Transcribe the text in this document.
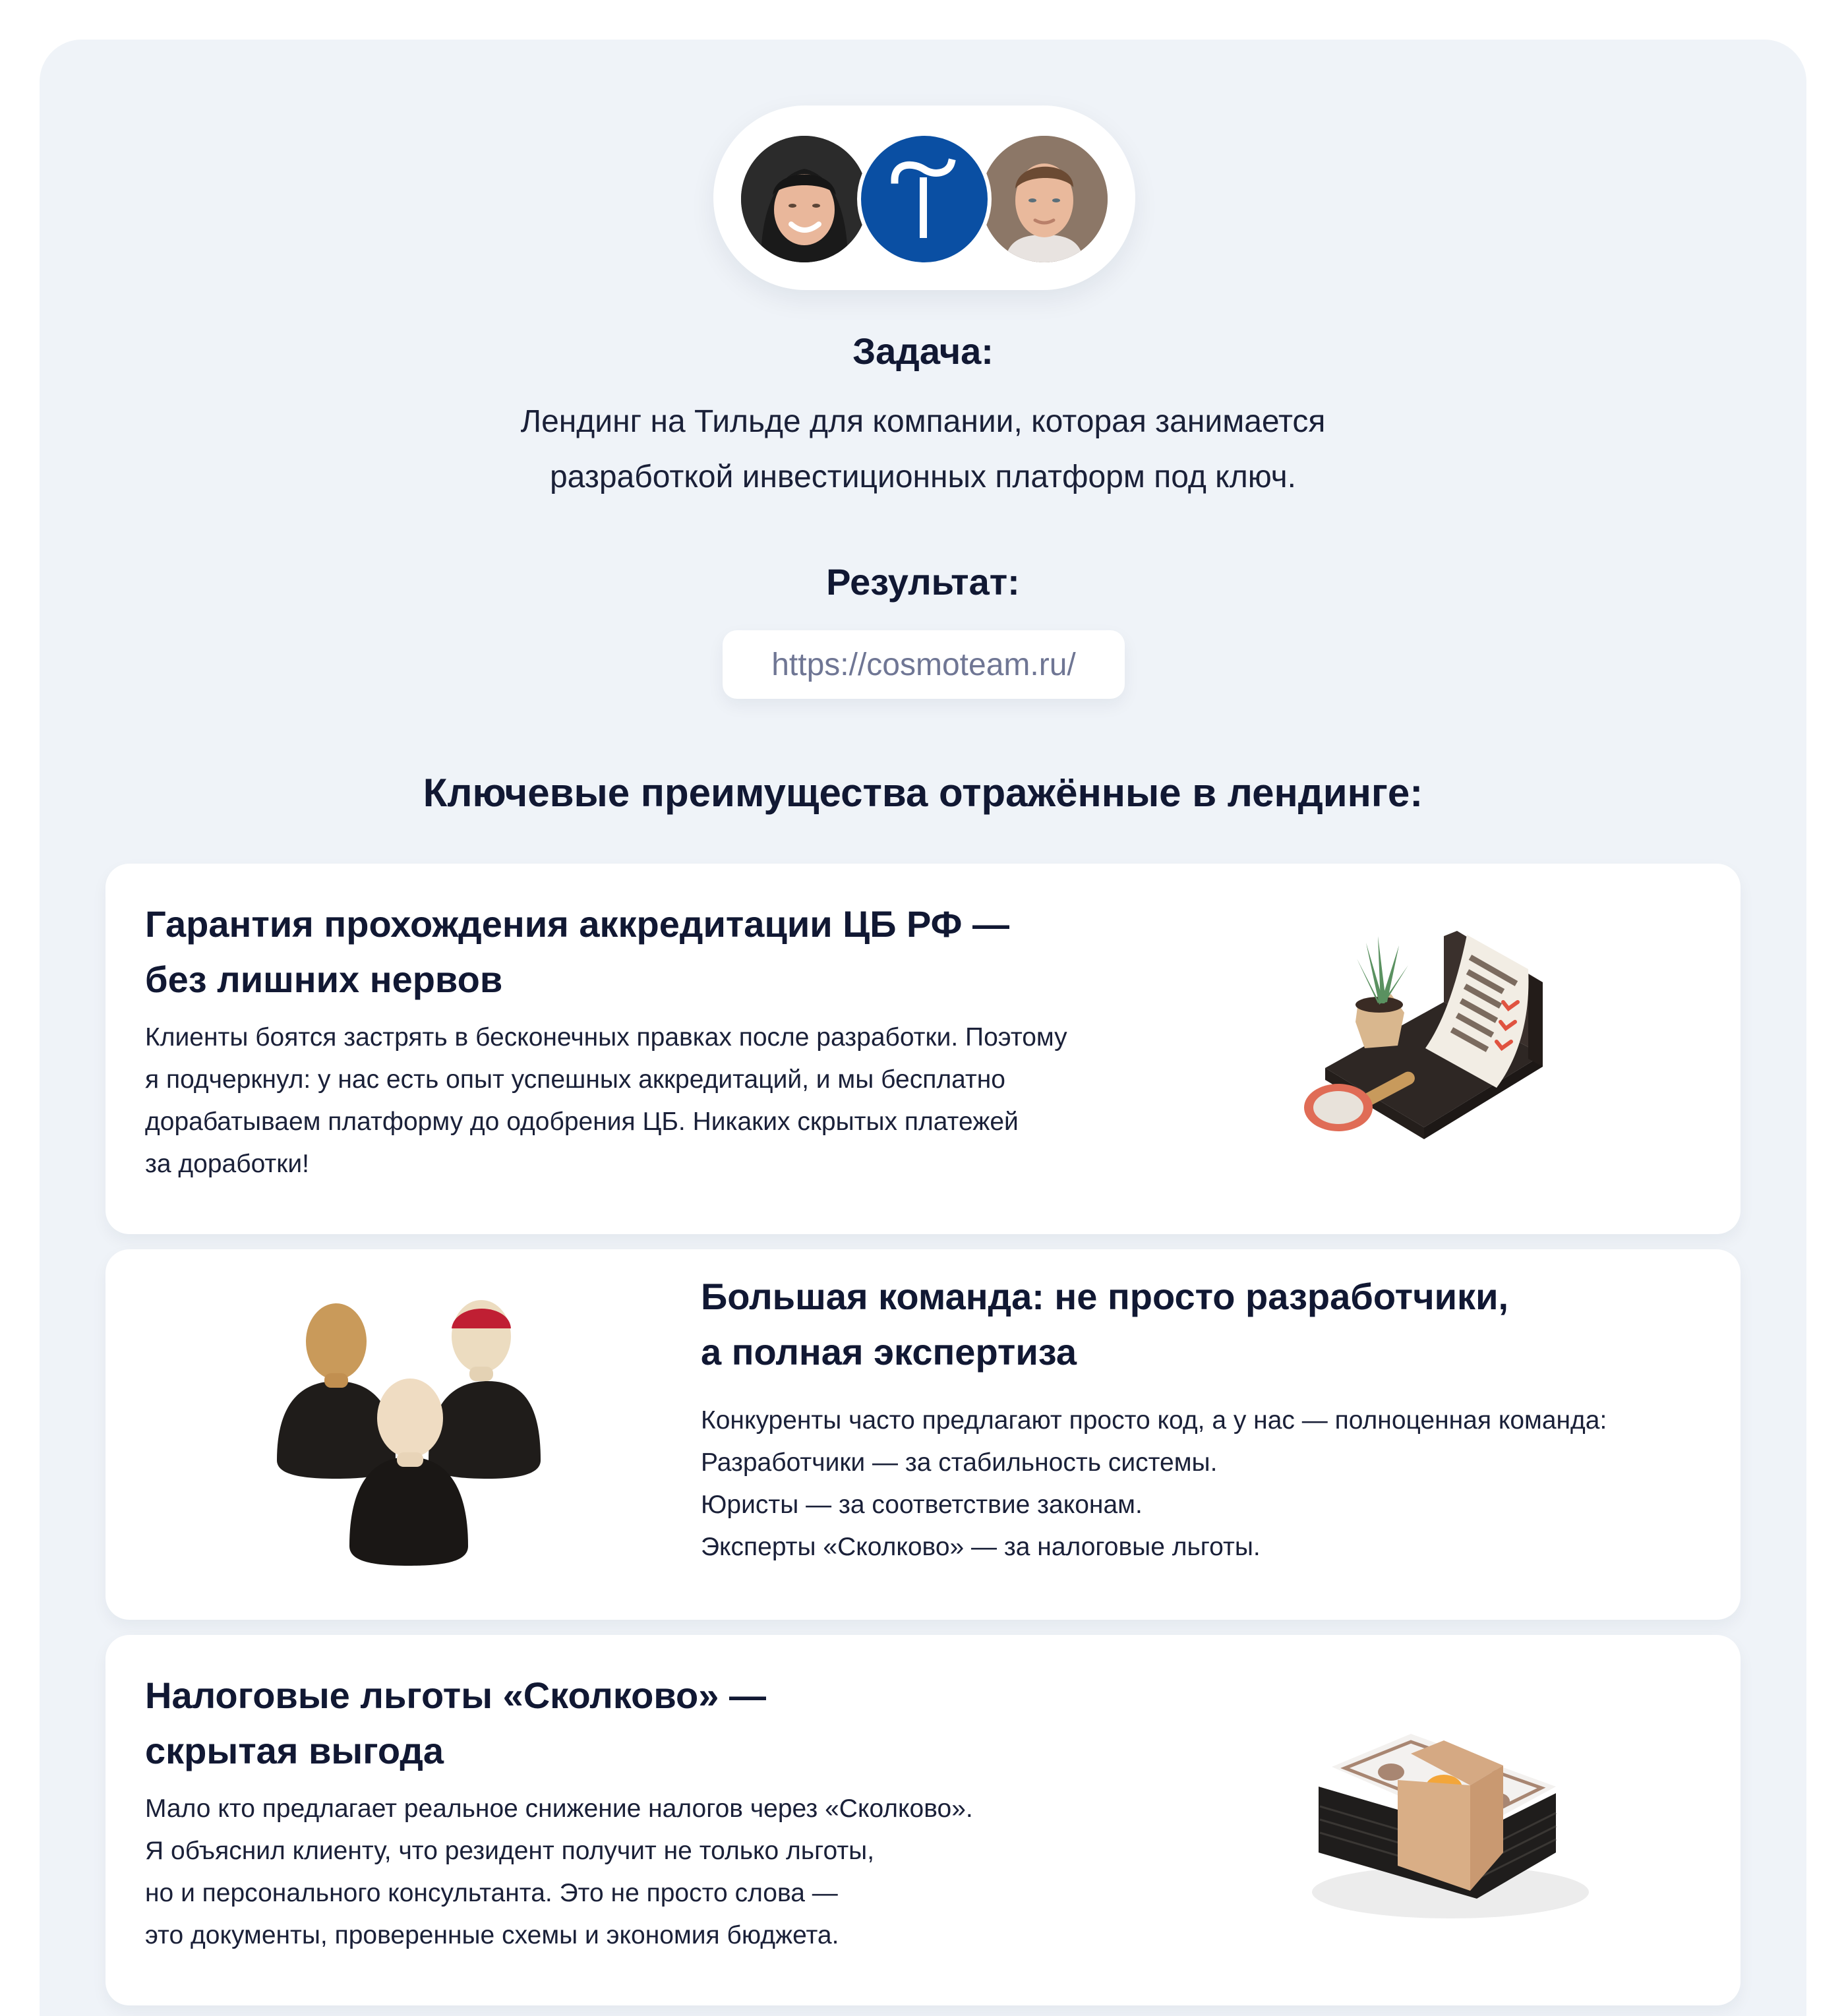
Задача:
Лендинг на Тильде для компании, которая занимается
разработкой инвестиционных платформ под ключ.
Результат:
https://cosmoteam.ru/
Ключевые преимущества отражённые в лендинге:
Гарантия прохождения аккредитации ЦБ РФ —
без лишних нервов

Клиенты боятся застрять в бесконечных правках после разработки. Поэтому
я подчеркнул: у нас есть опыт успешных аккредитаций, и мы бесплатно
дорабатываем платформу до одобрения ЦБ. Никаких скрытых платежей
за доработки!

Большая команда: не просто разработчики,
а полная экспертиза

Конкуренты часто предлагают просто код, а у нас — полноценная команда:
Разработчики — за стабильность системы.
Юристы — за соответствие законам.
Эксперты «Сколково» — за налоговые льготы.

Налоговые льготы «Сколково» —
скрытая выгода

Мало кто предлагает реальное снижение налогов через «Сколково».
Я объяснил клиенту, что резидент получит не только льготы,
но и персонального консультанта. Это не просто слова —
это документы, проверенные схемы и экономия бюджета.
